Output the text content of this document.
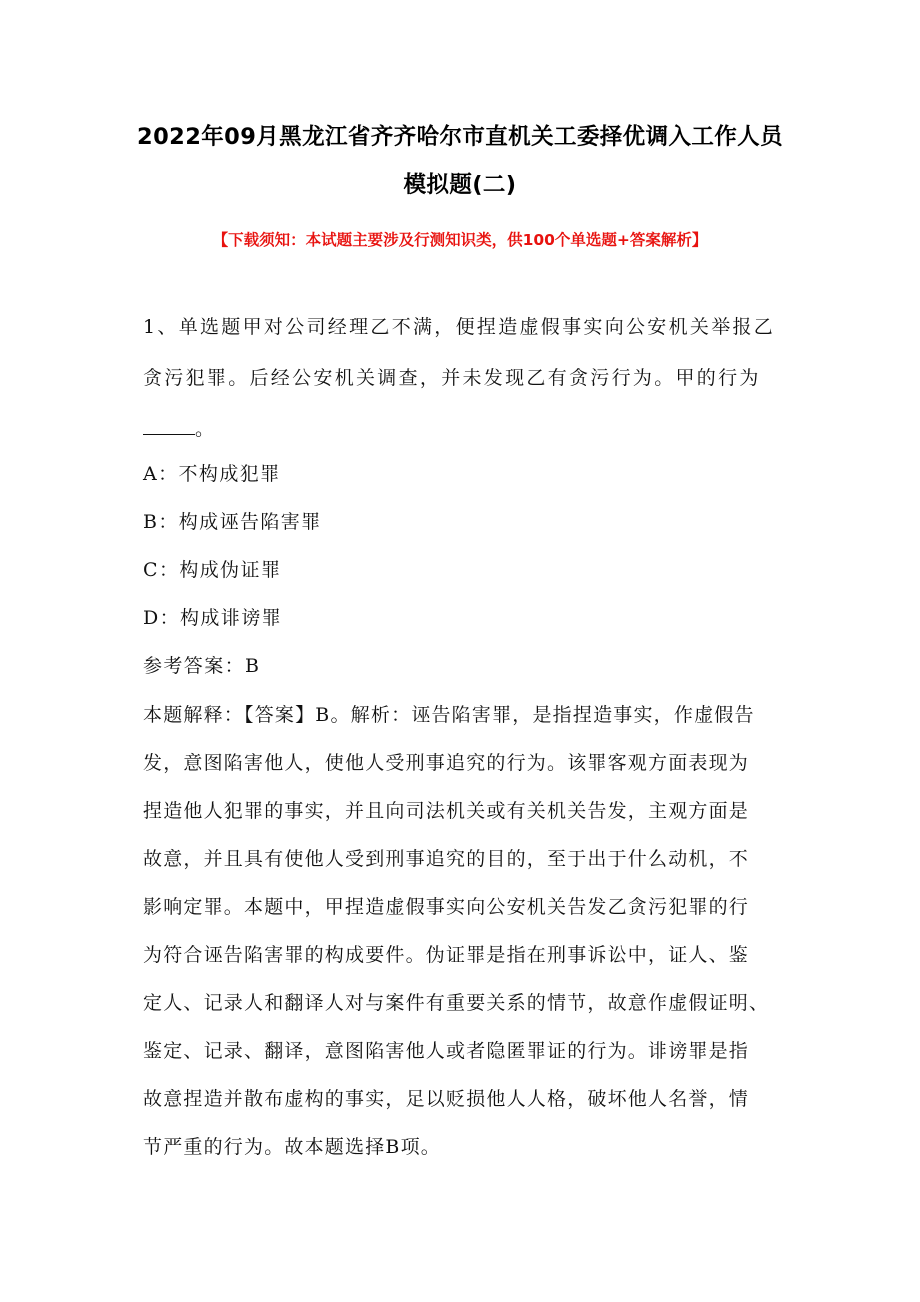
2022年09月黑龙江省齐齐哈尔市直机关工委择优调入工作人员
模拟题(二)
【下载须知：本试题主要涉及行测知识类，供100个单选题+答案解析】
1、单选题甲对公司经理乙不满，便捏造虚假事实向公安机关举报乙
贪污犯罪。后经公安机关调查，并未发现乙有贪污行为。甲的行为
。
A：不构成犯罪
B：构成诬告陷害罪
C：构成伪证罪
D：构成诽谤罪
参考答案：B
本题解释：【答案】B。解析：诬告陷害罪，是指捏造事实，作虚假告
发，意图陷害他人，使他人受刑事追究的行为。该罪客观方面表现为
捏造他人犯罪的事实，并且向司法机关或有关机关告发，主观方面是
故意，并且具有使他人受到刑事追究的目的，至于出于什么动机，不
影响定罪。本题中，甲捏造虚假事实向公安机关告发乙贪污犯罪的行
为符合诬告陷害罪的构成要件。伪证罪是指在刑事诉讼中，证人、鉴
定人、记录人和翻译人对与案件有重要关系的情节，故意作虚假证明、
鉴定、记录、翻译，意图陷害他人或者隐匿罪证的行为。诽谤罪是指
故意捏造并散布虚构的事实，足以贬损他人人格，破坏他人名誉，情
节严重的行为。故本题选择B项。
